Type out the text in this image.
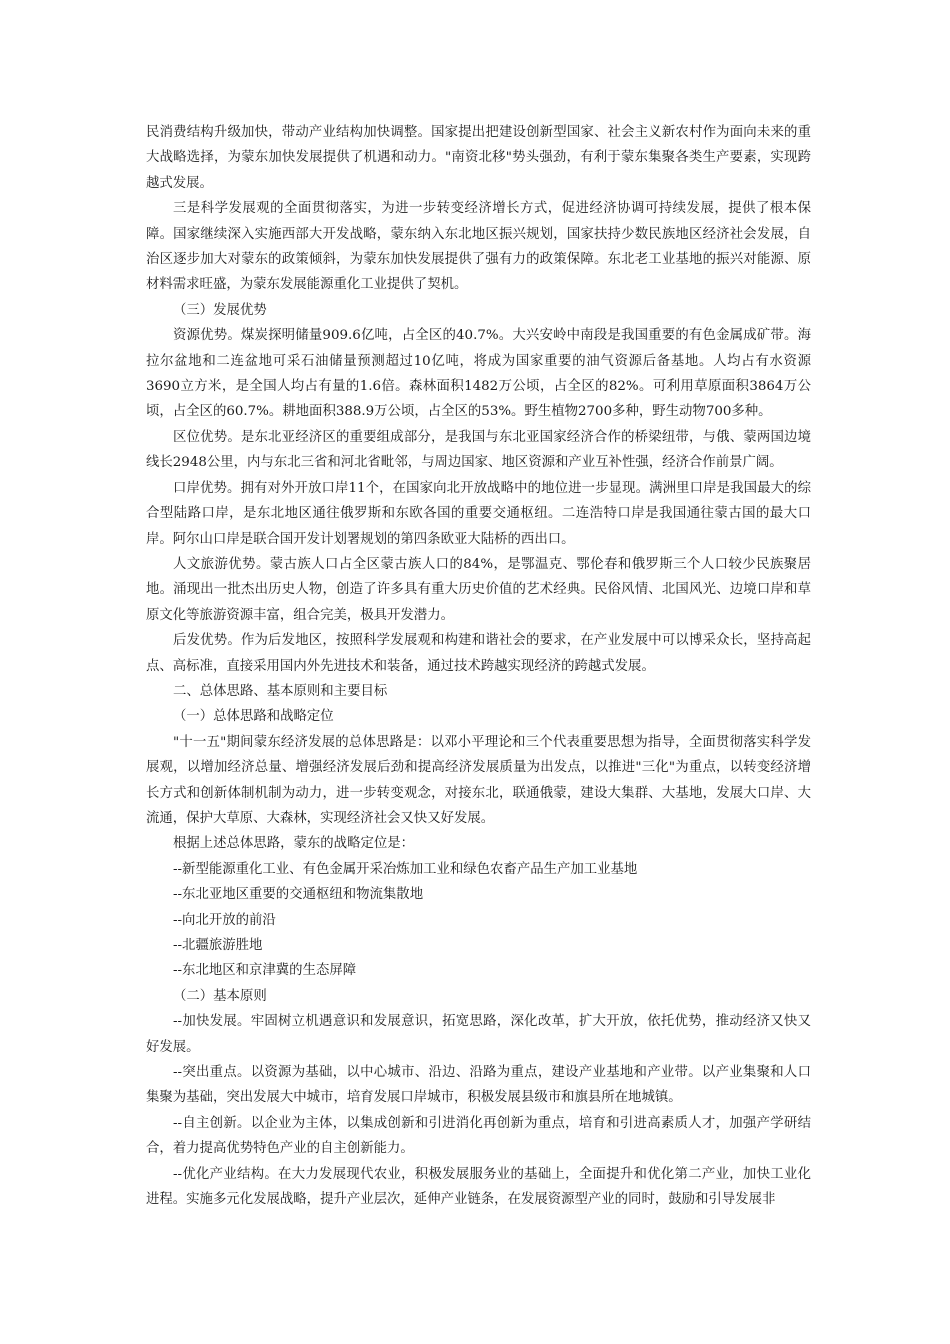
民消费结构升级加快，带动产业结构加快调整。国家提出把建设创新型国家、社会主义新农村作为面向未来的重大战略选择，为蒙东加快发展提供了机遇和动力。"南资北移"势头强劲，有利于蒙东集聚各类生产要素，实现跨越式发展。

三是科学发展观的全面贯彻落实，为进一步转变经济增长方式，促进经济协调可持续发展，提供了根本保障。国家继续深入实施西部大开发战略，蒙东纳入东北地区振兴规划，国家扶持少数民族地区经济社会发展，自治区逐步加大对蒙东的政策倾斜，为蒙东加快发展提供了强有力的政策保障。东北老工业基地的振兴对能源、原材料需求旺盛，为蒙东发展能源重化工业提供了契机。

（三）发展优势

资源优势。煤炭探明储量909.6亿吨，占全区的40.7%。大兴安岭中南段是我国重要的有色金属成矿带。海拉尔盆地和二连盆地可采石油储量预测超过10亿吨，将成为国家重要的油气资源后备基地。人均占有水资源3690立方米，是全国人均占有量的1.6倍。森林面积1482万公顷，占全区的82%。可利用草原面积3864万公顷，占全区的60.7%。耕地面积388.9万公顷，占全区的53%。野生植物2700多种，野生动物700多种。

区位优势。是东北亚经济区的重要组成部分，是我国与东北亚国家经济合作的桥梁纽带，与俄、蒙两国边境线长2948公里，内与东北三省和河北省毗邻，与周边国家、地区资源和产业互补性强，经济合作前景广阔。

口岸优势。拥有对外开放口岸11个，在国家向北开放战略中的地位进一步显现。满洲里口岸是我国最大的综合型陆路口岸，是东北地区通往俄罗斯和东欧各国的重要交通枢纽。二连浩特口岸是我国通往蒙古国的最大口岸。阿尔山口岸是联合国开发计划署规划的第四条欧亚大陆桥的西出口。

人文旅游优势。蒙古族人口占全区蒙古族人口的84%，是鄂温克、鄂伦春和俄罗斯三个人口较少民族聚居地。涌现出一批杰出历史人物，创造了许多具有重大历史价值的艺术经典。民俗风情、北国风光、边境口岸和草原文化等旅游资源丰富，组合完美，极具开发潜力。

后发优势。作为后发地区，按照科学发展观和构建和谐社会的要求，在产业发展中可以博采众长，坚持高起点、高标准，直接采用国内外先进技术和装备，通过技术跨越实现经济的跨越式发展。

二、总体思路、基本原则和主要目标

（一）总体思路和战略定位

"十一五"期间蒙东经济发展的总体思路是：以邓小平理论和三个代表重要思想为指导，全面贯彻落实科学发展观，以增加经济总量、增强经济发展后劲和提高经济发展质量为出发点，以推进"三化"为重点，以转变经济增长方式和创新体制机制为动力，进一步转变观念，对接东北，联通俄蒙，建设大集群、大基地，发展大口岸、大流通，保护大草原、大森林，实现经济社会又快又好发展。

根据上述总体思路，蒙东的战略定位是：

--新型能源重化工业、有色金属开采冶炼加工业和绿色农畜产品生产加工业基地

--东北亚地区重要的交通枢纽和物流集散地

--向北开放的前沿

--北疆旅游胜地

--东北地区和京津冀的生态屏障

（二）基本原则

--加快发展。牢固树立机遇意识和发展意识，拓宽思路，深化改革，扩大开放，依托优势，推动经济又快又好发展。

--突出重点。以资源为基础，以中心城市、沿边、沿路为重点，建设产业基地和产业带。以产业集聚和人口集聚为基础，突出发展大中城市，培育发展口岸城市，积极发展县级市和旗县所在地城镇。

--自主创新。以企业为主体，以集成创新和引进消化再创新为重点，培育和引进高素质人才，加强产学研结合，着力提高优势特色产业的自主创新能力。

--优化产业结构。在大力发展现代农业，积极发展服务业的基础上，全面提升和优化第二产业，加快工业化进程。实施多元化发展战略，提升产业层次，延伸产业链条，在发展资源型产业的同时，鼓励和引导发展非
